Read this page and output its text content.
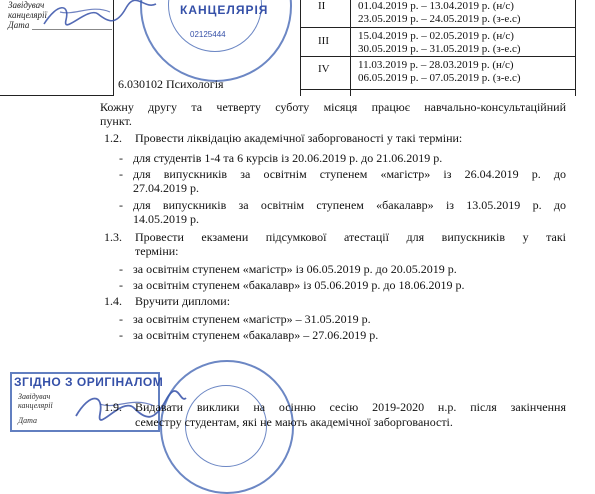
Завідувач
канцелярії
Дата
КАНЦЕЛЯРІЯ
02125444
6.030102 Психологія
II	01.04.2019 р. – 13.04.2019 р. (н/с)
23.05.2019 р. – 24.05.2019 р. (з-е.с)
III	15.04.2019 р. – 02.05.2019 р. (н/с)
30.05.2019 р. – 31.05.2019 р. (з-е.с)
IV	11.03.2019 р. – 28.03.2019 р. (н/с)
06.05.2019 р. – 07.05.2019 р. (з-е.с)
Кожну другу та четверту суботу місяця працює навчально-консультаційний
пункт.
1.2. Провести ліквідацію академічної заборгованості у такі терміни:
- для студентів 1-4 та 6 курсів із 20.06.2019 р. до 21.06.2019 р.
- для випускників за освітнім ступенем «магістр» із 26.04.2019 р. до
27.04.2019 р.
- для випускників за освітнім ступенем «бакалавр» із 13.05.2019 р. до
14.05.2019 р.
1.3. Провести екзамени підсумкової атестації для випускників у такі
терміни:
- за освітнім ступенем «магістр» із 06.05.2019 р. до 20.05.2019 р.
- за освітнім ступенем «бакалавр» із 05.06.2019 р. до 18.06.2019 р.
1.4. Вручити дипломи:
- за освітнім ступенем «магістр» – 31.05.2019 р.
- за освітнім ступенем «бакалавр» – 27.06.2019 р.
ЗГІДНО З ОРИГІНАЛОМ
Завідувач
канцелярії
Дата
1.9. Видавати виклики на осінню сесію 2019-2020 н.р. після закінчення
семестру студентам, які не мають академічної заборгованості.
